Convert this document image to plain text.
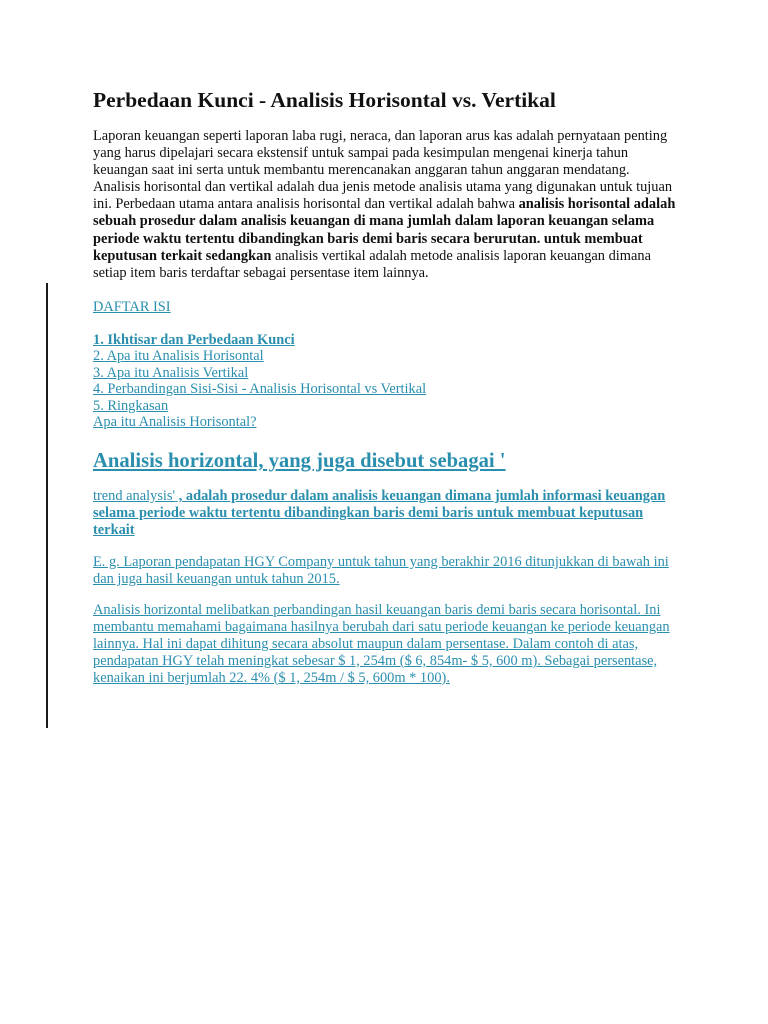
Perbedaan Kunci - Analisis Horisontal vs. Vertikal

Laporan keuangan seperti laporan laba rugi, neraca, dan laporan arus kas adalah pernyataan penting yang harus dipelajari secara ekstensif untuk sampai pada kesimpulan mengenai kinerja tahun keuangan saat ini serta untuk membantu merencanakan anggaran tahun anggaran mendatang. Analisis horisontal dan vertikal adalah dua jenis metode analisis utama yang digunakan untuk tujuan ini. Perbedaan utama antara analisis horisontal dan vertikal adalah bahwa analisis horisontal adalah sebuah prosedur dalam analisis keuangan di mana jumlah dalam laporan keuangan selama periode waktu tertentu dibandingkan baris demi baris secara berurutan. untuk membuat keputusan terkait sedangkan analisis vertikal adalah metode analisis laporan keuangan dimana setiap item baris terdaftar sebagai persentase item lainnya.

DAFTAR ISI
1. Ikhtisar dan Perbedaan Kunci
2. Apa itu Analisis Horisontal
3. Apa itu Analisis Vertikal
4. Perbandingan Sisi-Sisi - Analisis Horisontal vs Vertikal
5. Ringkasan
Apa itu Analisis Horisontal?
Analisis horizontal, yang juga disebut sebagai '

trend analysis' , adalah prosedur dalam analisis keuangan dimana jumlah informasi keuangan selama periode waktu tertentu dibandingkan baris demi baris untuk membuat keputusan terkait

E. g. Laporan pendapatan HGY Company untuk tahun yang berakhir 2016 ditunjukkan di bawah ini dan juga hasil keuangan untuk tahun 2015.

Analisis horizontal melibatkan perbandingan hasil keuangan baris demi baris secara horisontal. Ini membantu memahami bagaimana hasilnya berubah dari satu periode keuangan ke periode keuangan lainnya. Hal ini dapat dihitung secara absolut maupun dalam persentase. Dalam contoh di atas, pendapatan HGY telah meningkat sebesar $ 1, 254m ($ 6, 854m- $ 5, 600 m). Sebagai persentase, kenaikan ini berjumlah 22. 4% ($ 1, 254m / $ 5, 600m * 100).
